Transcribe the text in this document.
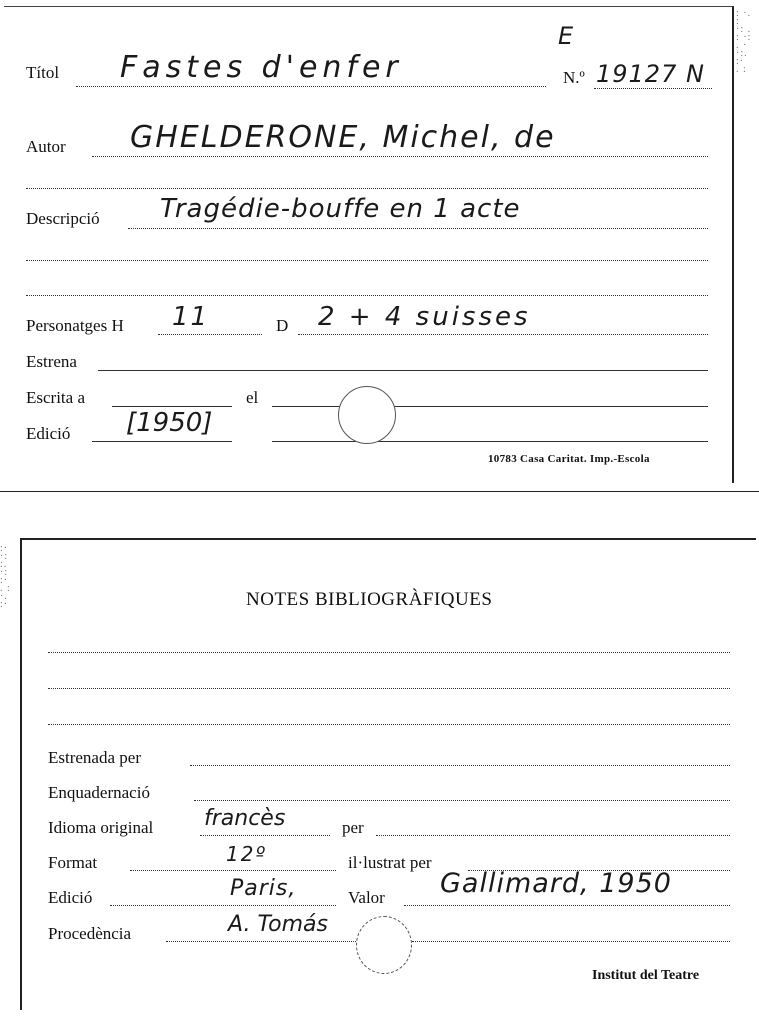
: ·. :
·: .
: ·:
. ·
·:.
:·
. :
:·
·:
:.
·:
:·
. :
·.
:·
Títol Fastes d'enfer
E
N.º 19127 N
Autor GHELDERONE, Michel, de
Descripció Tragédie-bouffe en 1 acte
Personatges H 11	D 2 + 4 suisses
Estrena
Escrita a	el
Edició [1950]
10783 Casa Caritat. Imp.-Escola
NOTES BIBLIOGRÀFIQUES
Estrenada per
Enquadernació
Idioma original francès	per
Format	12º	il·lustrat per
Edició	Paris,	Valor Gallimard, 1950
Procedència	A. Tomás
Institut del Teatre
